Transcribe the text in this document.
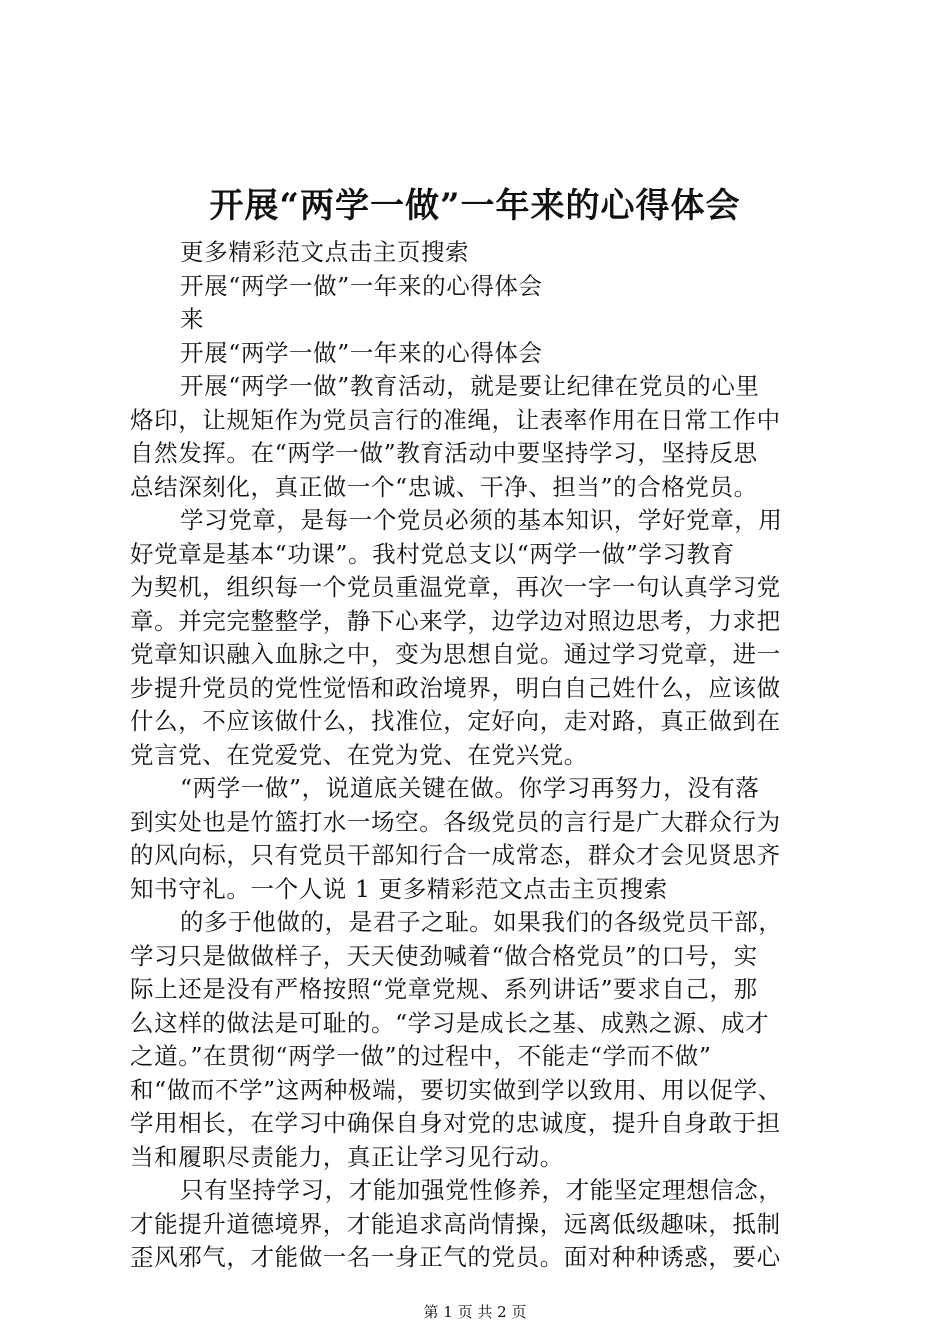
开展“两学一做”一年来的心得体会
更多精彩范文点击主页搜索
开展“两学一做”一年来的心得体会
来
开展“两学一做”一年来的心得体会
开展“两学一做”教育活动，就是要让纪律在党员的心里
烙印，让规矩作为党员言行的准绳，让表率作用在日常工作中
自然发挥。在“两学一做”教育活动中要坚持学习，坚持反思
总结深刻化，真正做一个“忠诚、干净、担当”的合格党员。
学习党章，是每一个党员必须的基本知识，学好党章，用
好党章是基本“功课”。我村党总支以“两学一做”学习教育
为契机，组织每一个党员重温党章，再次一字一句认真学习党
章。并完完整整学，静下心来学，边学边对照边思考，力求把
党章知识融入血脉之中，变为思想自觉。通过学习党章，进一
步提升党员的党性觉悟和政治境界，明白自己姓什么，应该做
什么，不应该做什么，找准位，定好向，走对路，真正做到在
党言党、在党爱党、在党为党、在党兴党。
“两学一做”，说道底关键在做。你学习再努力，没有落
到实处也是竹篮打水一场空。各级党员的言行是广大群众行为
的风向标，只有党员干部知行合一成常态，群众才会见贤思齐
知书守礼。一个人说 1 更多精彩范文点击主页搜索
的多于他做的，是君子之耻。如果我们的各级党员干部，
学习只是做做样子，天天使劲喊着“做合格党员”的口号，实
际上还是没有严格按照“党章党规、系列讲话”要求自己，那
么这样的做法是可耻的。“学习是成长之基、成熟之源、成才
之道。”在贯彻“两学一做”的过程中，不能走“学而不做”
和“做而不学”这两种极端，要切实做到学以致用、用以促学、
学用相长，在学习中确保自身对党的忠诚度，提升自身敢于担
当和履职尽责能力，真正让学习见行动。
只有坚持学习，才能加强党性修养，才能坚定理想信念，
才能提升道德境界，才能追求高尚情操，远离低级趣味，抵制
歪风邪气，才能做一名一身正气的党员。面对种种诱惑，要心
第 1 页 共 2 页
